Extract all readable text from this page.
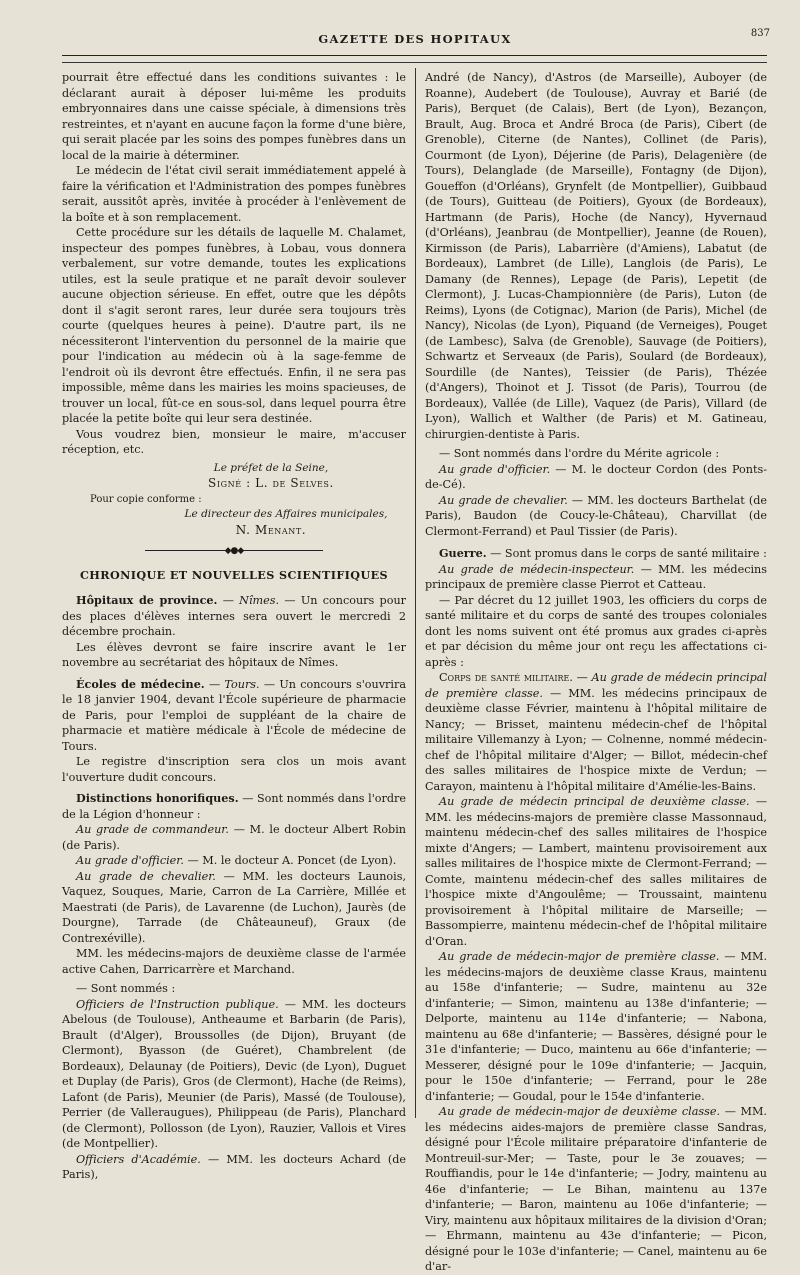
GAZETTE DES HOPITAUX	837

pourrait être effectué dans les conditions suivantes : le déclarant aurait à déposer lui-même les produits embryonnaires dans une caisse spéciale, à dimensions très restreintes, et n'ayant en aucune façon la forme d'une bière, qui serait placée par les soins des pompes funèbres dans un local de la mairie à déterminer.

Le médecin de l'état civil serait immédiatement appelé à faire la vérification et l'Administration des pompes funèbres serait, aussitôt après, invitée à procéder à l'enlèvement de la boîte et à son remplacement.

Cette procédure sur les détails de laquelle M. Chalamet, inspecteur des pompes funèbres, à Lobau, vous donnera verbalement, sur votre demande, toutes les explications utiles, est la seule pratique et ne paraît devoir soulever aucune objection sérieuse. En effet, outre que les dépôts dont il s'agit seront rares, leur durée sera toujours très courte (quelques heures à peine). D'autre part, ils ne nécessiteront l'intervention du personnel de la mairie que pour l'indication au médecin où à la sage-femme de l'endroit où ils devront être effectués. Enfin, il ne sera pas impossible, même dans les mairies les moins spacieuses, de trouver un local, fût-ce en sous-sol, dans lequel pourra être placée la petite boîte qui leur sera destinée.

Vous voudrez bien, monsieur le maire, m'accuser réception, etc.

Le préfet de la Seine,

Signé : L. de Selves.

Pour copie conforme :

Le directeur des Affaires municipales,

N. Menant.

◆●◆
CHRONIQUE ET NOUVELLES SCIENTIFIQUES

Hôpitaux de province. — Nîmes. — Un concours pour des places d'élèves internes sera ouvert le mercredi 2 décembre prochain.

Les élèves devront se faire inscrire avant le 1er novembre au secrétariat des hôpitaux de Nîmes.

Écoles de médecine. — Tours. — Un concours s'ouvrira le 18 janvier 1904, devant l'École supérieure de pharmacie de Paris, pour l'emploi de suppléant de la chaire de pharmacie et matière médicale à l'École de médecine de Tours.

Le registre d'inscription sera clos un mois avant l'ouverture dudit concours.

Distinctions honorifiques. — Sont nommés dans l'ordre de la Légion d'honneur :

Au grade de commandeur. — M. le docteur Albert Robin (de Paris).

Au grade d'officier. — M. le docteur A. Poncet (de Lyon).

Au grade de chevalier. — MM. les docteurs Launois, Vaquez, Souques, Marie, Carron de La Carrière, Millée et Maestrati (de Paris), de Lavarenne (de Luchon), Jaurès (de Dourgne), Tarrade (de Châteauneuf), Graux (de Contrexéville).

MM. les médecins-majors de deuxième classe de l'armée active Cahen, Darricarrère et Marchand.

— Sont nommés :

Officiers de l'Instruction publique. — MM. les docteurs Abelous (de Toulouse), Antheaume et Barbarin (de Paris), Brault (d'Alger), Broussolles (de Dijon), Bruyant (de Clermont), Byasson (de Guéret), Chambrelent (de Bordeaux), Delaunay (de Poitiers), Devic (de Lyon), Duguet et Duplay (de Paris), Gros (de Clermont), Hache (de Reims), Lafont (de Paris), Meunier (de Paris), Massé (de Toulouse), Perrier (de Valleraugues), Philippeau (de Paris), Planchard (de Clermont), Pollosson (de Lyon), Rauzier, Vallois et Vires (de Montpellier).

Officiers d'Académie. — MM. les docteurs Achard (de Paris),

André (de Nancy), d'Astros (de Marseille), Auboyer (de Roanne), Audebert (de Toulouse), Auvray et Barié (de Paris), Berquet (de Calais), Bert (de Lyon), Bezançon, Brault, Aug. Broca et André Broca (de Paris), Cibert (de Grenoble), Citerne (de Nantes), Collinet (de Paris), Courmont (de Lyon), Déjerine (de Paris), Delagenière (de Tours), Delanglade (de Marseille), Fontagny (de Dijon), Goueffon (d'Orléans), Grynfelt (de Montpellier), Guibbaud (de Tours), Guitteau (de Poitiers), Gyoux (de Bordeaux), Hartmann (de Paris), Hoche (de Nancy), Hyvernaud (d'Orléans), Jeanbrau (de Montpellier), Jeanne (de Rouen), Kirmisson (de Paris), Labarrière (d'Amiens), Labatut (de Bordeaux), Lambret (de Lille), Langlois (de Paris), Le Damany (de Rennes), Lepage (de Paris), Lepetit (de Clermont), J. Lucas-Championnière (de Paris), Luton (de Reims), Lyons (de Cotignac), Marion (de Paris), Michel (de Nancy), Nicolas (de Lyon), Piquand (de Verneiges), Pouget (de Lambesc), Salva (de Grenoble), Sauvage (de Poitiers), Schwartz et Serveaux (de Paris), Soulard (de Bordeaux), Sourdille (de Nantes), Teissier (de Paris), Thézée (d'Angers), Thoinot et J. Tissot (de Paris), Tourrou (de Bordeaux), Vallée (de Lille), Vaquez (de Paris), Villard (de Lyon), Wallich et Walther (de Paris) et M. Gatineau, chirurgien-dentiste à Paris.

— Sont nommés dans l'ordre du Mérite agricole :

Au grade d'officier. — M. le docteur Cordon (des Ponts-de-Cé).

Au grade de chevalier. — MM. les docteurs Barthelat (de Paris), Baudon (de Coucy-le-Château), Charvillat (de Clermont-Ferrand) et Paul Tissier (de Paris).

Guerre. — Sont promus dans le corps de santé militaire :

Au grade de médecin-inspecteur. — MM. les médecins principaux de première classe Pierrot et Catteau.

— Par décret du 12 juillet 1903, les officiers du corps de santé militaire et du corps de santé des troupes coloniales dont les noms suivent ont été promus aux grades ci-après et par décision du même jour ont reçu les affectations ci-après :

Corps de santé militaire. — Au grade de médecin principal de première classe. — MM. les médecins principaux de deuxième classe Février, maintenu à l'hôpital militaire de Nancy; — Brisset, maintenu médecin-chef de l'hôpital militaire Villemanzy à Lyon; — Colnenne, nommé médecin-chef de l'hôpital militaire d'Alger; — Billot, médecin-chef des salles militaires de l'hospice mixte de Verdun; — Carayon, maintenu à l'hôpital militaire d'Amélie-les-Bains.

Au grade de médecin principal de deuxième classe. — MM. les médecins-majors de première classe Massonnaud, maintenu médecin-chef des salles militaires de l'hospice mixte d'Angers; — Lambert, maintenu provisoirement aux salles militaires de l'hospice mixte de Clermont-Ferrand; — Comte, maintenu médecin-chef des salles militaires de l'hospice mixte d'Angoulême; — Troussaint, maintenu provisoirement à l'hôpital militaire de Marseille; — Bassompierre, maintenu médecin-chef de l'hôpital militaire d'Oran.

Au grade de médecin-major de première classe. — MM. les médecins-majors de deuxième classe Kraus, maintenu au 158e d'infanterie; — Sudre, maintenu au 32e d'infanterie; — Simon, maintenu au 138e d'infanterie; — Delporte, maintenu au 114e d'infanterie; — Nabona, maintenu au 68e d'infanterie; — Bassères, désigné pour le 31e d'infanterie; — Duco, maintenu au 66e d'infanterie; — Messerer, désigné pour le 109e d'infanterie; — Jacquin, pour le 150e d'infanterie; — Ferrand, pour le 28e d'infanterie; — Goudal, pour le 154e d'infanterie.

Au grade de médecin-major de deuxième classe. — MM. les médecins aides-majors de première classe Sandras, désigné pour l'École militaire préparatoire d'infanterie de Montreuil-sur-Mer; — Taste, pour le 3e zouaves; — Rouffiandis, pour le 14e d'infanterie; — Jodry, maintenu au 46e d'infanterie; — Le Bihan, maintenu au 137e d'infanterie; — Baron, maintenu au 106e d'infanterie; — Viry, maintenu aux hôpitaux militaires de la division d'Oran; — Ehrmann, maintenu au 43e d'infanterie; — Picon, désigné pour le 103e d'infanterie; — Canel, maintenu au 6e d'ar-
